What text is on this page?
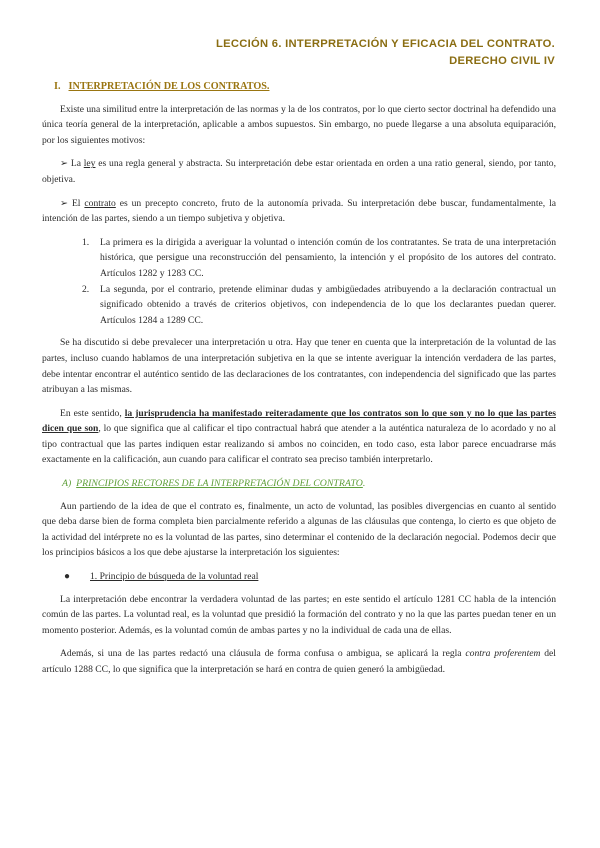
LECCIÓN 6. INTERPRETACIÓN Y EFICACIA DEL CONTRATO.
DERECHO CIVIL IV
I. INTERPRETACIÓN DE LOS CONTRATOS.

Existe una similitud entre la interpretación de las normas y la de los contratos, por lo que cierto sector doctrinal ha defendido una única teoría general de la interpretación, aplicable a ambos supuestos. Sin embargo, no puede llegarse a una absoluta equiparación, por los siguientes motivos:

➢ La ley es una regla general y abstracta. Su interpretación debe estar orientada en orden a una ratio general, siendo, por tanto, objetiva.

➢ El contrato es un precepto concreto, fruto de la autonomía privada. Su interpretación debe buscar, fundamentalmente, la intención de las partes, siendo a un tiempo subjetiva y objetiva.

1. La primera es la dirigida a averiguar la voluntad o intención común de los contratantes. Se trata de una interpretación histórica, que persigue una reconstrucción del pensamiento, la intención y el propósito de los autores del contrato. Artículos 1282 y 1283 CC.
2. La segunda, por el contrario, pretende eliminar dudas y ambigüedades atribuyendo a la declaración contractual un significado obtenido a través de criterios objetivos, con independencia de lo que los declarantes puedan querer. Artículos 1284 a 1289 CC.

Se ha discutido si debe prevalecer una interpretación u otra. Hay que tener en cuenta que la interpretación de la voluntad de las partes, incluso cuando hablamos de una interpretación subjetiva en la que se intente averiguar la intención verdadera de las partes, debe intentar encontrar el auténtico sentido de las declaraciones de los contratantes, con independencia del significado que las partes atribuyan a las mismas.

En este sentido, la jurisprudencia ha manifestado reiteradamente que los contratos son lo que son y no lo que las partes dicen que son, lo que significa que al calificar el tipo contractual habrá que atender a la auténtica naturaleza de lo acordado y no al tipo contractual que las partes indiquen estar realizando si ambos no coinciden, en todo caso, esta labor parece encuadrarse más exactamente en la calificación, aun cuando para calificar el contrato sea preciso también interpretarlo.

A) PRINCIPIOS RECTORES DE LA INTERPRETACIÓN DEL CONTRATO.

Aun partiendo de la idea de que el contrato es, finalmente, un acto de voluntad, las posibles divergencias en cuanto al sentido que deba darse bien de forma completa bien parcialmente referido a algunas de las cláusulas que contenga, lo cierto es que objeto de la actividad del intérprete no es la voluntad de las partes, sino determinar el contenido de la declaración negocial. Podemos decir que los principios básicos a los que debe ajustarse la interpretación los siguientes:

● 1. Principio de búsqueda de la voluntad real

La interpretación debe encontrar la verdadera voluntad de las partes; en este sentido el artículo 1281 CC habla de la intención común de las partes. La voluntad real, es la voluntad que presidió la formación del contrato y no la que las partes puedan tener en un momento posterior. Además, es la voluntad común de ambas partes y no la individual de cada una de ellas.

Además, si una de las partes redactó una cláusula de forma confusa o ambigua, se aplicará la regla contra proferentem del artículo 1288 CC, lo que significa que la interpretación se hará en contra de quien generó la ambigüedad.
